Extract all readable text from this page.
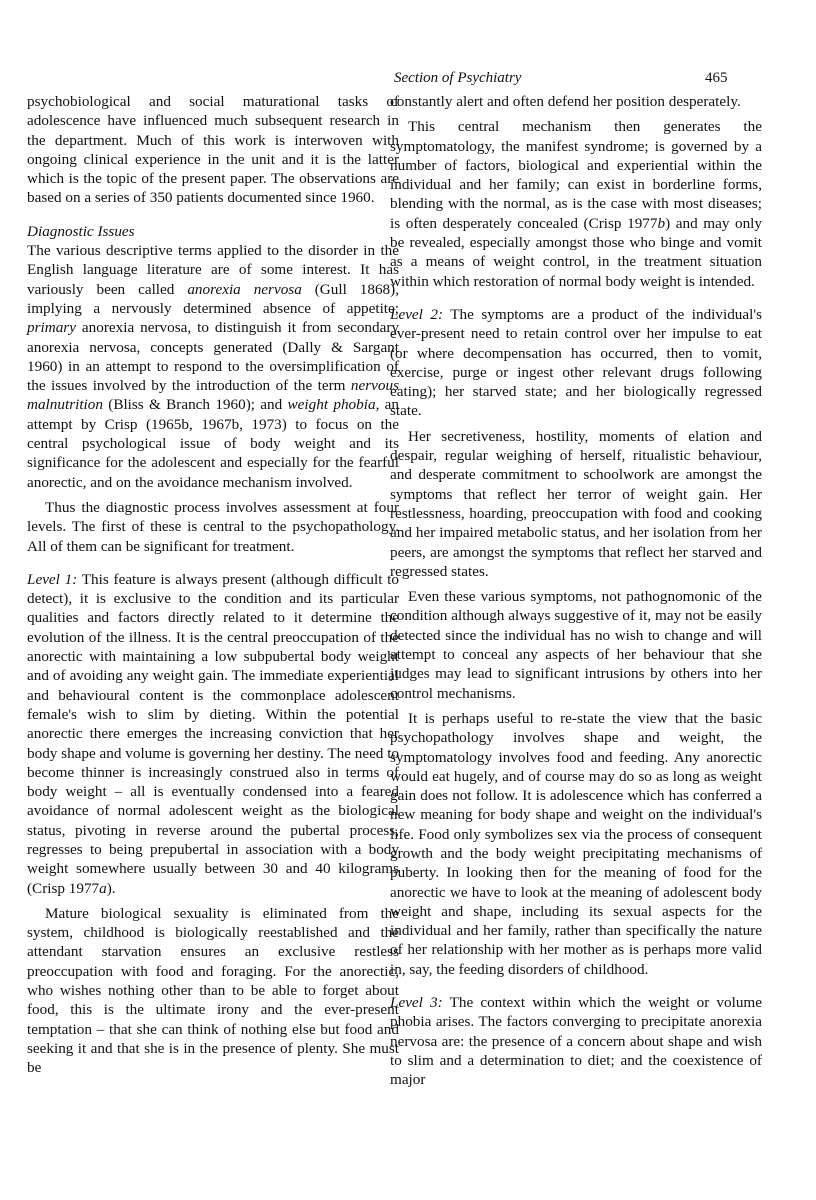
Section of Psychiatry	465

psychobiological and social maturational tasks of adolescence have influenced much subsequent research in the department. Much of this work is interwoven with ongoing clinical experience in the unit and it is the latter which is the topic of the present paper. The observations are based on a series of 350 patients documented since 1960.

Diagnostic Issues

The various descriptive terms applied to the disorder in the English language literature are of some interest. It has variously been called anorexia nervosa (Gull 1868), implying a nervously determined absence of appetite; primary anorexia nervosa, to distinguish it from secondary anorexia nervosa, concepts generated (Dally & Sargant 1960) in an attempt to respond to the oversimplification of the issues involved by the introduction of the term nervous malnutrition (Bliss & Branch 1960); and weight phobia, an attempt by Crisp (1965b, 1967b, 1973) to focus on the central psychological issue of body weight and its significance for the adolescent and especially for the fearful anorectic, and on the avoidance mechanism involved.

Thus the diagnostic process involves assessment at four levels. The first of these is central to the psychopathology. All of them can be significant for treatment.

Level 1: This feature is always present (although difficult to detect), it is exclusive to the condition and its particular qualities and factors directly related to it determine the evolution of the illness. It is the central preoccupation of the anorectic with maintaining a low subpubertal body weight and of avoiding any weight gain. The immediate experiential and behavioural content is the commonplace adolescent female's wish to slim by dieting. Within the potential anorectic there emerges the increasing conviction that her body shape and volume is governing her destiny. The need to become thinner is increasingly construed also in terms of body weight – all is eventually condensed into a feared avoidance of normal adolescent weight as the biological status, pivoting in reverse around the pubertal process, regresses to being prepubertal in association with a body weight somewhere usually between 30 and 40 kilograms (Crisp 1977a).

Mature biological sexuality is eliminated from the system, childhood is biologically reestablished and the attendant starvation ensures an exclusive restless preoccupation with food and foraging. For the anorectic, who wishes nothing other than to be able to forget about food, this is the ultimate irony and the ever-present temptation – that she can think of nothing else but food and seeking it and that she is in the presence of plenty. She must be

constantly alert and often defend her position desperately.

This central mechanism then generates the symptomatology, the manifest syndrome; is governed by a number of factors, biological and experiential within the individual and her family; can exist in borderline forms, blending with the normal, as is the case with most diseases; is often desperately concealed (Crisp 1977b) and may only be revealed, especially amongst those who binge and vomit as a means of weight control, in the treatment situation within which restoration of normal body weight is intended.

Level 2: The symptoms are a product of the individual's ever-present need to retain control over her impulse to eat (or where decompensation has occurred, then to vomit, exercise, purge or ingest other relevant drugs following eating); her starved state; and her biologically regressed state.

Her secretiveness, hostility, moments of elation and despair, regular weighing of herself, ritualistic behaviour, and desperate commitment to schoolwork are amongst the symptoms that reflect her terror of weight gain. Her restlessness, hoarding, preoccupation with food and cooking and her impaired metabolic status, and her isolation from her peers, are amongst the symptoms that reflect her starved and regressed states.

Even these various symptoms, not pathognomonic of the condition although always suggestive of it, may not be easily detected since the individual has no wish to change and will attempt to conceal any aspects of her behaviour that she judges may lead to significant intrusions by others into her control mechanisms.

It is perhaps useful to re-state the view that the basic psychopathology involves shape and weight, the symptomatology involves food and feeding. Any anorectic would eat hugely, and of course may do so as long as weight gain does not follow. It is adolescence which has conferred a new meaning for body shape and weight on the individual's life. Food only symbolizes sex via the process of consequent growth and the body weight precipitating mechanisms of puberty. In looking then for the meaning of food for the anorectic we have to look at the meaning of adolescent body weight and shape, including its sexual aspects for the individual and her family, rather than specifically the nature of her relationship with her mother as is perhaps more valid in, say, the feeding disorders of childhood.

Level 3: The context within which the weight or volume phobia arises. The factors converging to precipitate anorexia nervosa are: the presence of a concern about shape and wish to slim and a determination to diet; and the coexistence of major
